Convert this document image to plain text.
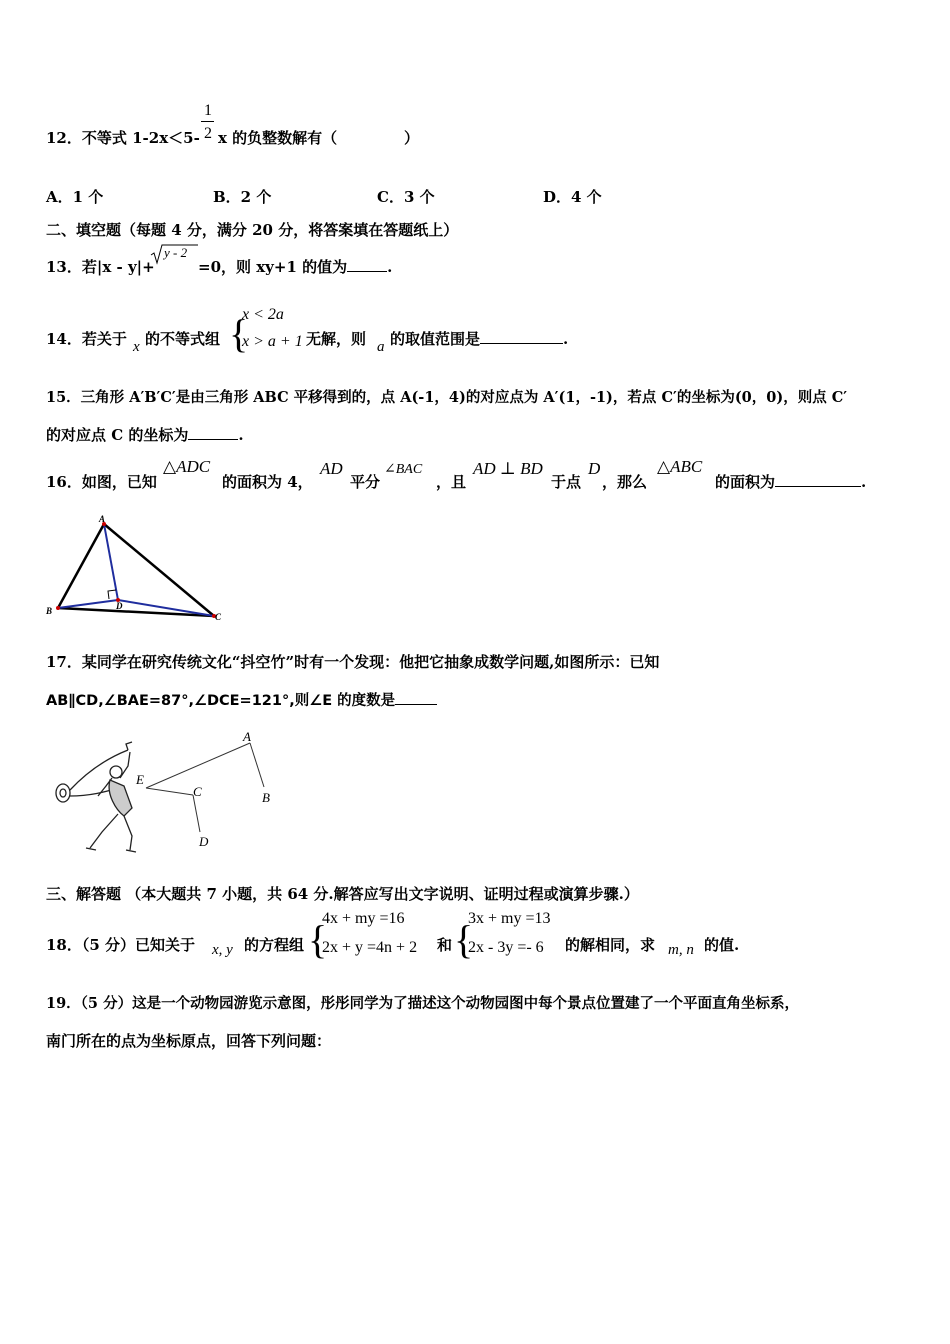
1
2
12．不等式 1-2x＜5- x 的负整数解有（	）
A．1 个	B．2 个	C．3 个	D．4 个
二、填空题（每题 4 分，满分 20 分，将答案填在答题纸上）
13．若|x - y|+
y - 2
=0，则 xy+1 的值为	.
14．若关于 x 的不等式组 {
x < 2a
x > a + 1 无解，则 a 的取值范围是	.
15．三角形 A′B′C′是由三角形 ABC 平移得到的，点 A(-1，4)的对应点为 A′(1，-1)，若点 C′的坐标为(0，0)，则点 C′
的对应点 C 的坐标为	.
16．如图，已知
△ADC
的面积为 4，
AD
平分
∠BAC
，且
AD ⊥ BD
于点
D
，那么
△ABC
的面积为	.
A
B
C
D
17．某同学在研究传统文化“抖空竹”时有一个发现：他把它抽象成数学问题,如图所示：已知
AB∥CD,∠BAE=87°,∠DCE=121°,则∠E 的度数是
A
B
C
D
E
三、解答题 （本大题共 7 小题，共 64 分.解答应写出文字说明、证明过程或演算步骤.）
18．（5 分）已知关于 x, y 的方程组 {
4x + my =16
2x + y =4n + 2 和 {
3x + my =13
2x - 3y =- 6 的解相同，求 m, n 的值.
19．（5 分）这是一个动物园游览示意图，彤彤同学为了描述这个动物园图中每个景点位置建了一个平面直角坐标系，
南门所在的点为坐标原点，回答下列问题：
